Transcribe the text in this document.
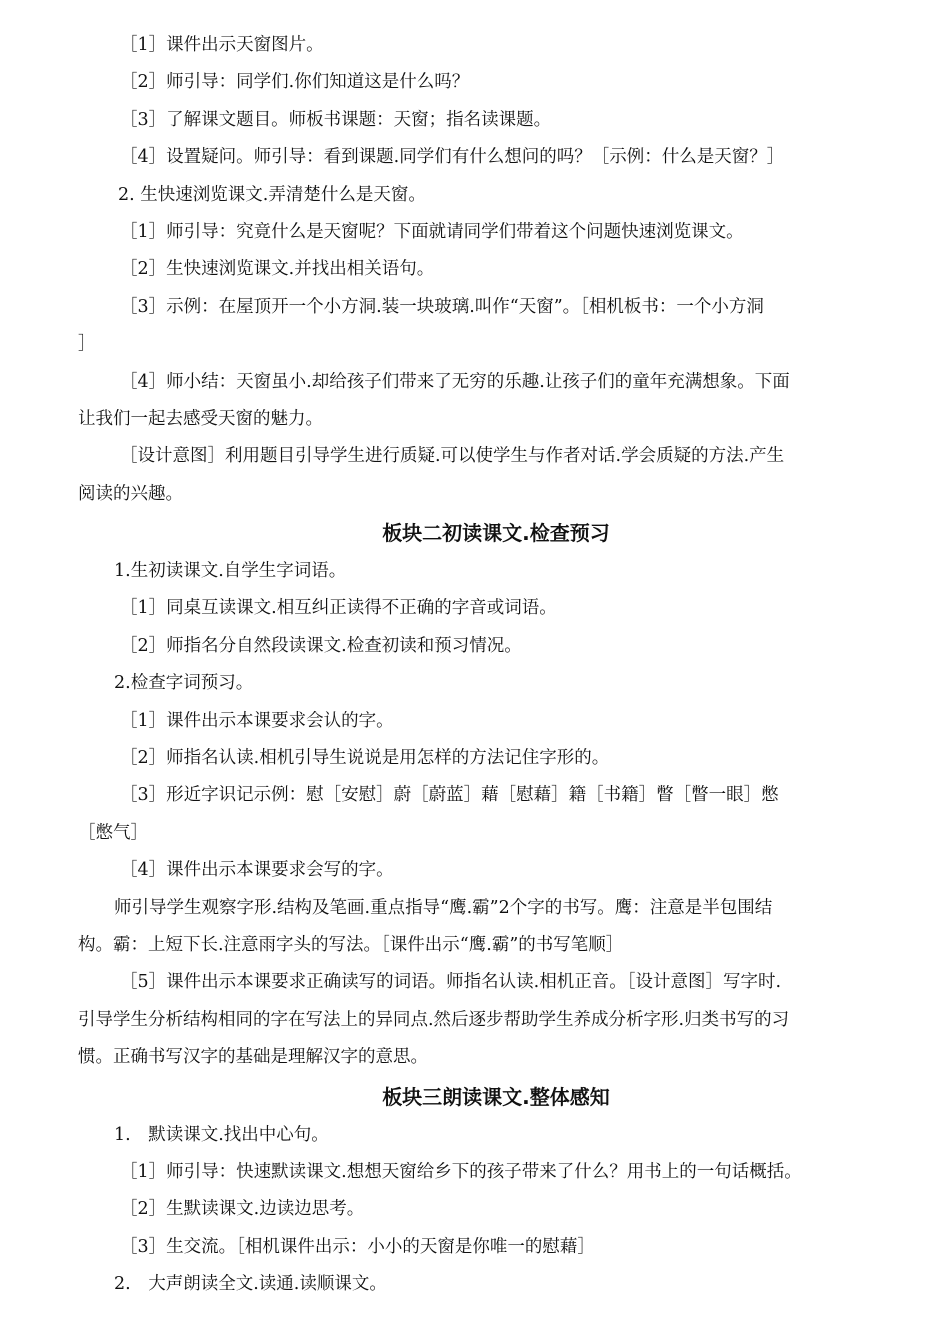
［1］课件出示天窗图片。

［2］师引导：同学们.你们知道这是什么吗？

［3］了解课文题目。师板书课题：天窗；指名读课题。

［4］设置疑问。师引导：看到课题.同学们有什么想问的吗？［示例：什么是天窗？］

2. 生快速浏览课文.弄清楚什么是天窗。

［1］师引导：究竟什么是天窗呢？下面就请同学们带着这个问题快速浏览课文。

［2］生快速浏览课文.并找出相关语句。

［3］示例：在屋顶开一个小方洞.装一块玻璃.叫作“天窗”。［相机板书：一个小方洞

］

［4］师小结：天窗虽小.却给孩子们带来了无穷的乐趣.让孩子们的童年充满想象。下面

让我们一起去感受天窗的魅力。

［设计意图］利用题目引导学生进行质疑.可以使学生与作者对话.学会质疑的方法.产生

阅读的兴趣。

板块二初读课文.检查预习

1.生初读课文.自学生字词语。

［1］同桌互读课文.相互纠正读得不正确的字音或词语。

［2］师指名分自然段读课文.检查初读和预习情况。

2.检查字词预习。

［1］课件出示本课要求会认的字。

［2］师指名认读.相机引导生说说是用怎样的方法记住字形的。

［3］形近字识记示例：慰［安慰］蔚［蔚蓝］藉［慰藉］籍［书籍］瞥［瞥一眼］憋

［憋气］

［4］课件出示本课要求会写的字。

师引导学生观察字形.结构及笔画.重点指导“鹰.霸”2个字的书写。鹰：注意是半包围结

构。霸：上短下长.注意雨字头的写法。［课件出示“鹰.霸”的书写笔顺］

［5］课件出示本课要求正确读写的词语。师指名认读.相机正音。［设计意图］写字时.

引导学生分析结构相同的字在写法上的异同点.然后逐步帮助学生养成分析字形.归类书写的习

惯。正确书写汉字的基础是理解汉字的意思。

板块三朗读课文.整体感知

1.　默读课文.找出中心句。

［1］师引导：快速默读课文.想想天窗给乡下的孩子带来了什么？用书上的一句话概括。

［2］生默读课文.边读边思考。

［3］生交流。［相机课件出示：小小的天窗是你唯一的慰藉］

2.　大声朗读全文.读通.读顺课文。
